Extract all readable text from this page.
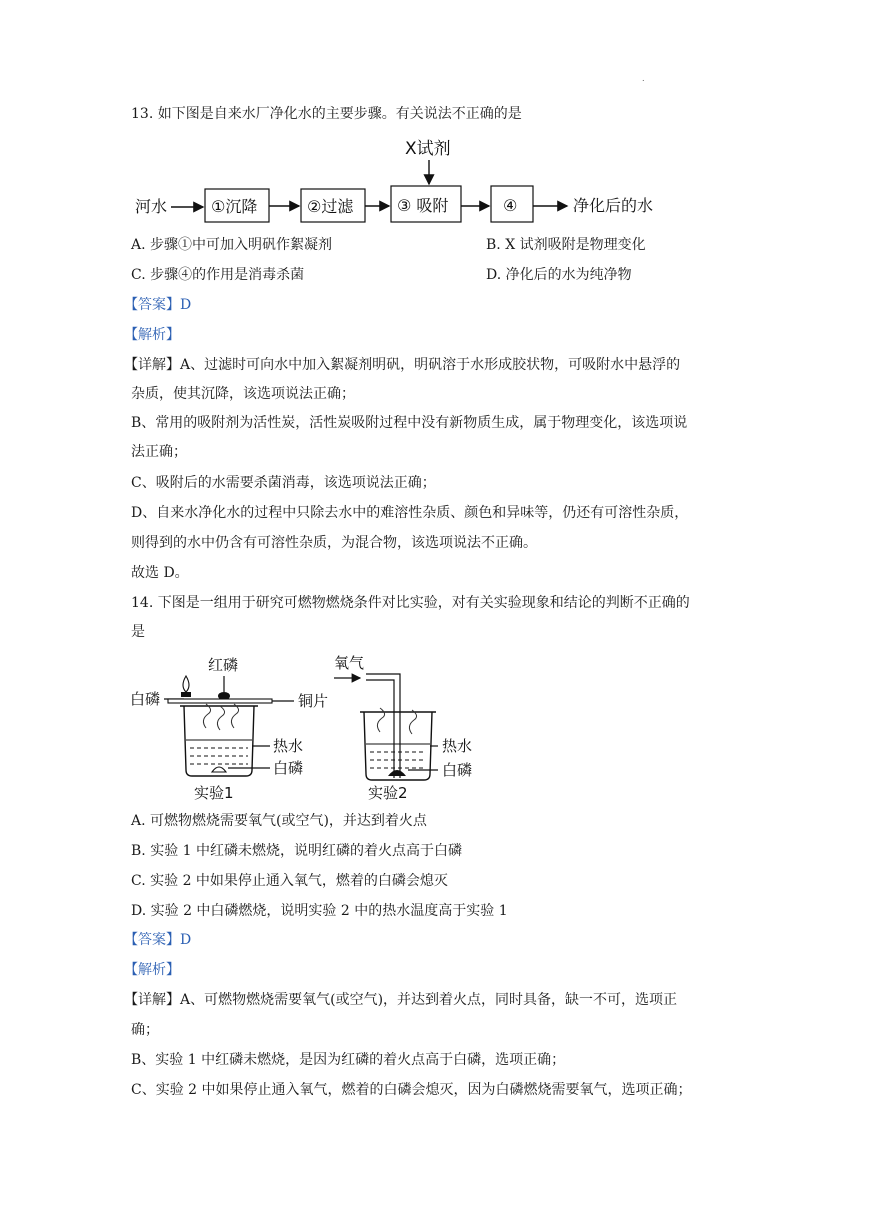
.
13. 如下图是自来水厂净化水的主要步骤。有关说法不正确的是
X试剂
河水	①沉降	②过滤	③ 吸附	④	净化后的水
A. 步骤①中可加入明矾作絮凝剂	B. X 试剂吸附是物理变化
C. 步骤④的作用是消毒杀菌	D. 净化后的水为纯净物
【答案】D
【解析】
【详解】A、过滤时可向水中加入絮凝剂明矾，明矾溶于水形成胶状物，可吸附水中悬浮的
杂质，使其沉降，该选项说法正确；
B、常用的吸附剂为活性炭，活性炭吸附过程中没有新物质生成，属于物理变化，该选项说
法正确；
C、吸附后的水需要杀菌消毒，该选项说法正确；
D、自来水净化水的过程中只除去水中的难溶性杂质、颜色和异味等，仍还有可溶性杂质，
则得到的水中仍含有可溶性杂质，为混合物，该选项说法不正确。
故选 D。
14. 下图是一组用于研究可燃物燃烧条件对比实验，对有关实验现象和结论的判断不正确的
是
红磷
白磷	铜片
热水
白磷
实验1
氧气
热水
白磷
实验2
A. 可燃物燃烧需要氧气(或空气)，并达到着火点
B. 实验 1 中红磷未燃烧，说明红磷的着火点高于白磷
C. 实验 2 中如果停止通入氧气，燃着的白磷会熄灭
D. 实验 2 中白磷燃烧，说明实验 2 中的热水温度高于实验 1
【答案】D
【解析】
【详解】A、可燃物燃烧需要氧气(或空气)，并达到着火点，同时具备，缺一不可，选项正
确；
B、实验 1 中红磷未燃烧，是因为红磷的着火点高于白磷，选项正确；
C、实验 2 中如果停止通入氧气，燃着的白磷会熄灭，因为白磷燃烧需要氧气，选项正确；
